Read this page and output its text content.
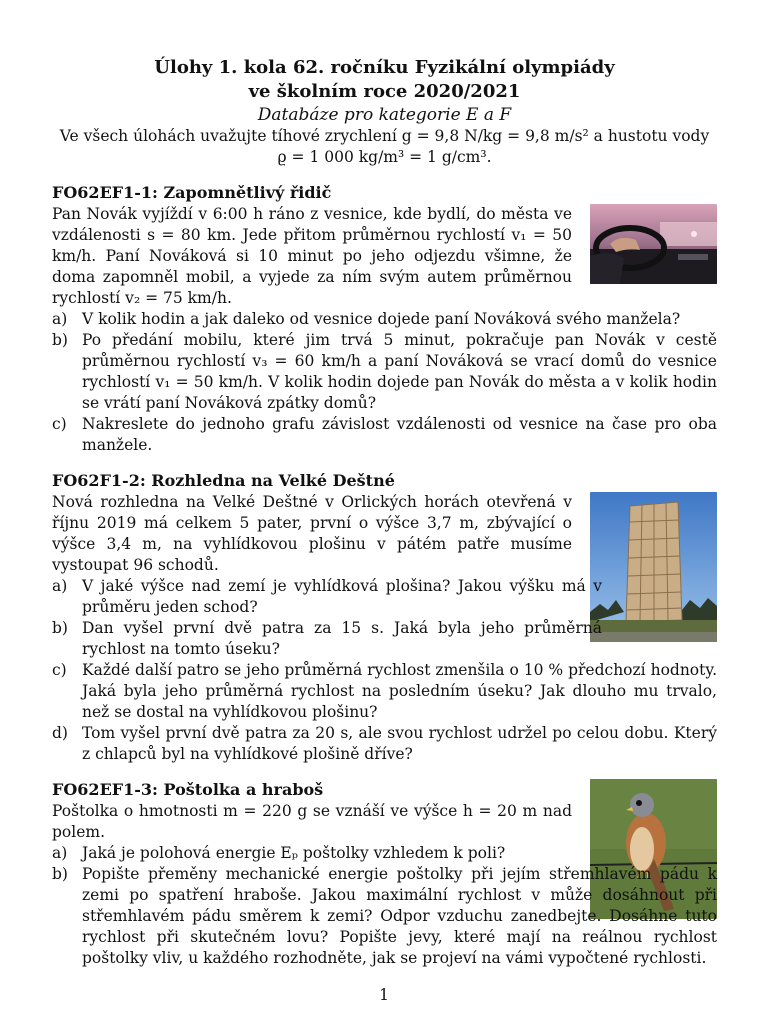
Úlohy 1. kola 62. ročníku Fyzikální olympiády
ve školním roce 2020/2021
Databáze pro kategorie E a F
Ve všech úlohách uvažujte tíhové zrychlení g = 9,8 N/kg = 9,8 m/s² a hustotu vody
ϱ = 1 000 kg/m³ = 1 g/cm³.
FO62EF1-1: Zapomnětlivý řidič

Pan Novák vyjíždí v 6:00 h ráno z vesnice, kde bydlí, do města ve vzdálenosti s = 80 km. Jede přitom průměrnou rychlostí v₁ = 50 km/h. Paní Nováková si 10 minut po jeho odjezdu všimne, že doma zapomněl mobil, a vyjede za ním svým autem průměrnou rychlostí v₂ = 75 km/h.

a) V kolik hodin a jak daleko od vesnice dojede paní Nováková svého manžela?
b) Po předání mobilu, které jim trvá 5 minut, pokračuje pan Novák v cestě průměrnou rychlostí v₃ = 60 km/h a paní Nováková se vrací domů do vesnice rychlostí v₁ = 50 km/h. V kolik hodin dojede pan Novák do města a v kolik hodin se vrátí paní Nováková zpátky domů?
c) Nakreslete do jednoho grafu závislost vzdálenosti od vesnice na čase pro oba manžele.
FO62F1-2: Rozhledna na Velké Deštné

Nová rozhledna na Velké Deštné v Orlických horách otevřená v říjnu 2019 má celkem 5 pater, první o výšce 3,7 m, zbývající o výšce 3,4 m, na vyhlídkovou plošinu v pátém patře musíme vystoupat 96 schodů.

a) V jaké výšce nad zemí je vyhlídková plošina? Jakou výšku má v průměru jeden schod?
b) Dan vyšel první dvě patra za 15 s. Jaká byla jeho průměrná rychlost na tomto úseku?
c) Každé další patro se jeho průměrná rychlost zmenšila o 10 % předchozí hodnoty. Jaká byla jeho průměrná rychlost na posledním úseku? Jak dlouho mu trvalo, než se dostal na vyhlídkovou plošinu?
d) Tom vyšel první dvě patra za 20 s, ale svou rychlost udržel po celou dobu. Který z chlapců byl na vyhlídkové plošině dříve?
FO62EF1-3: Poštolka a hraboš

Poštolka o hmotnosti m = 220 g se vznáší ve výšce h = 20 m nad polem.

a) Jaká je polohová energie Eₚ poštolky vzhledem k poli?
b) Popište přeměny mechanické energie poštolky při jejím střemhlavém pádu k zemi po spatření hraboše. Jakou maximální rychlost v může dosáhnout při střemhlavém pádu směrem k zemi? Odpor vzduchu zanedbejte. Dosáhne tuto rychlost při skutečném lovu? Popište jevy, které mají na reálnou rychlost poštolky vliv, u každého rozhodněte, jak se projeví na vámi vypočtené rychlosti.
1
